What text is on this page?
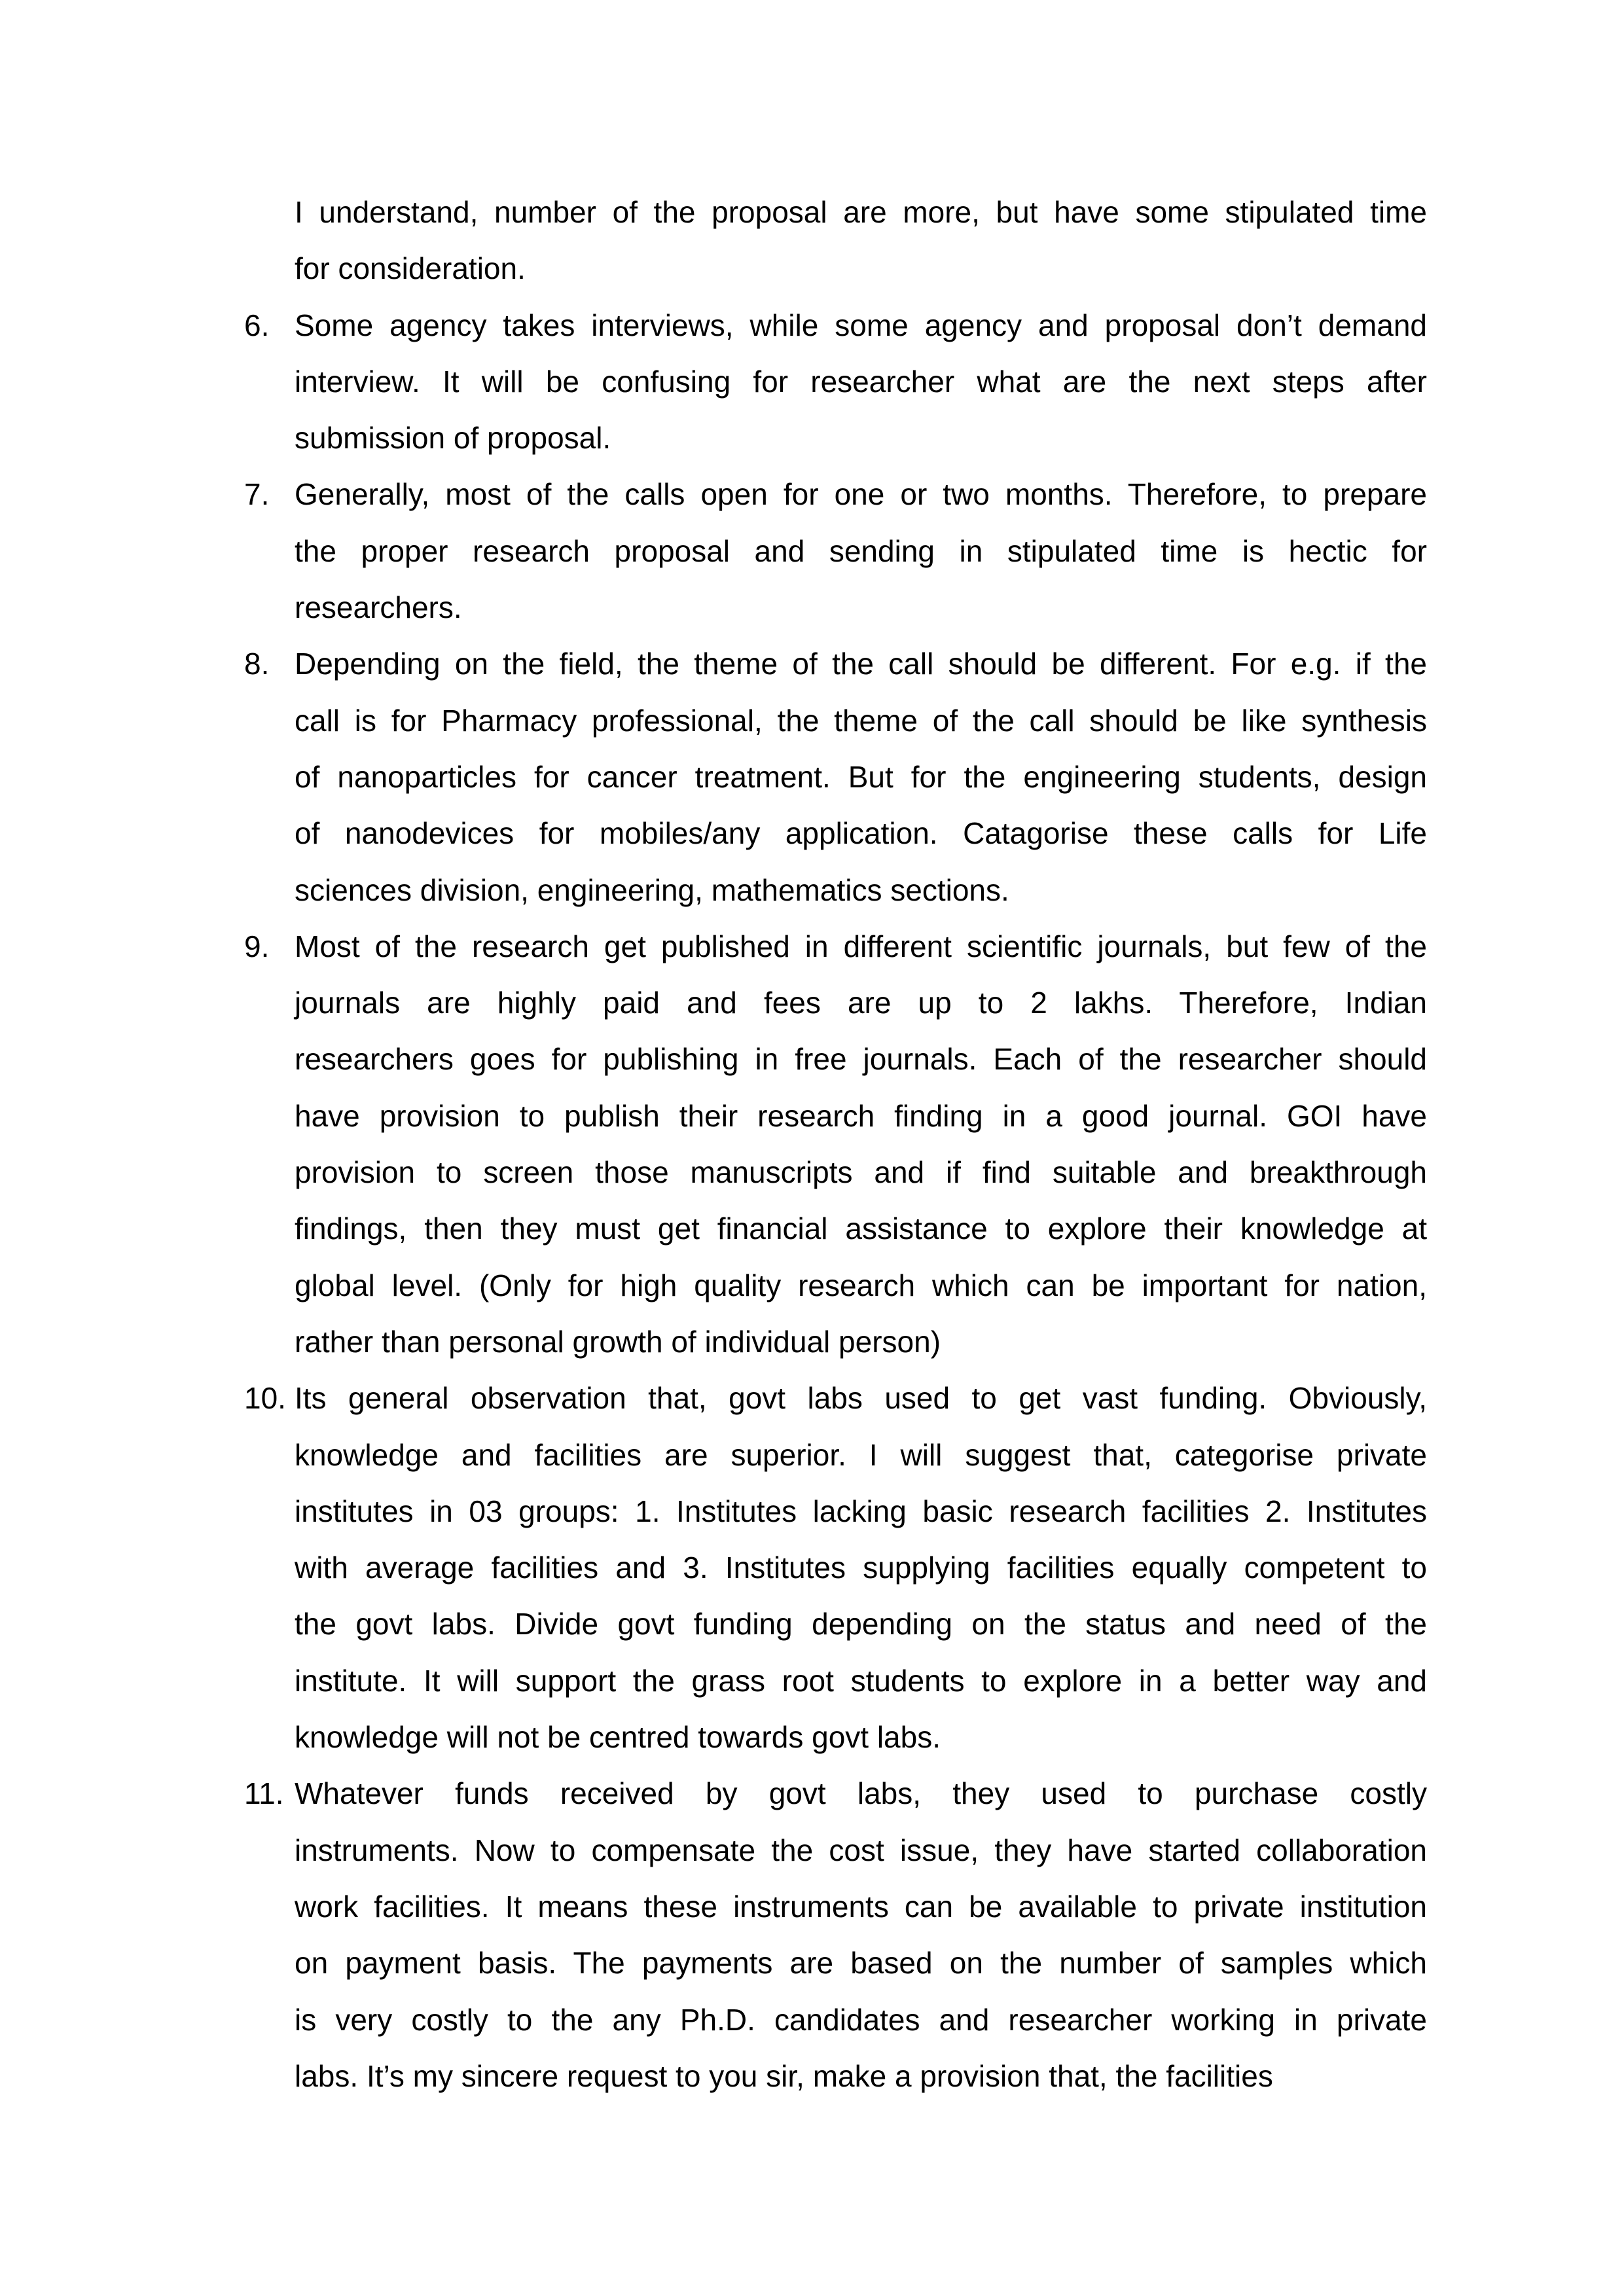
I understand, number of the proposal are more, but have some stipulated time
for consideration.
6. Some agency takes interviews, while some agency and proposal don’t demand
interview. It will be confusing for researcher what are the next steps after
submission of proposal.
7. Generally, most of the calls open for one or two months. Therefore, to prepare
the proper research proposal and sending in stipulated time is hectic for
researchers.
8. Depending on the field, the theme of the call should be different. For e.g. if the
call is for Pharmacy professional, the theme of the call should be like synthesis
of nanoparticles for cancer treatment. But for the engineering students, design
of nanodevices for mobiles/any application. Catagorise these calls for Life
sciences division, engineering, mathematics sections.
9. Most of the research get published in different scientific journals, but few of the
journals are highly paid and fees are up to 2 lakhs. Therefore, Indian
researchers goes for publishing in free journals. Each of the researcher should
have provision to publish their research finding in a good journal. GOI have
provision to screen those manuscripts and if find suitable and breakthrough
findings, then they must get financial assistance to explore their knowledge at
global level. (Only for high quality research which can be important for nation,
rather than personal growth of individual person)
10. Its general observation that, govt labs used to get vast funding. Obviously,
knowledge and facilities are superior. I will suggest that, categorise private
institutes in 03 groups: 1. Institutes lacking basic research facilities 2. Institutes
with average facilities and 3. Institutes supplying facilities equally competent to
the govt labs. Divide govt funding depending on the status and need of the
institute. It will support the grass root students to explore in a better way and
knowledge will not be centred towards govt labs.
11. Whatever funds received by govt labs, they used to purchase costly
instruments. Now to compensate the cost issue, they have started collaboration
work facilities. It means these instruments can be available to private institution
on payment basis. The payments are based on the number of samples which
is very costly to the any Ph.D. candidates and researcher working in private
labs. It’s my sincere request to you sir, make a provision that, the facilities
